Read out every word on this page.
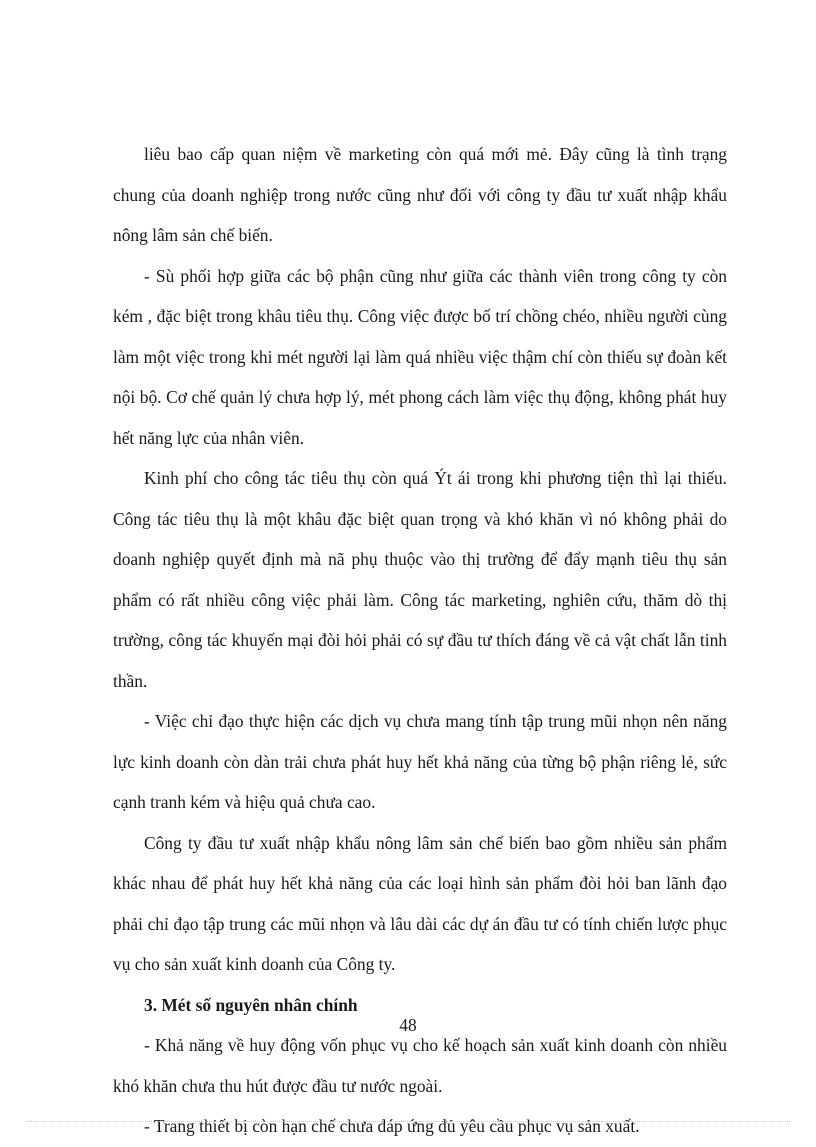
liêu bao cấp quan niệm về marketing còn quá mới mẻ. Đây cũng là tình trạng chung của doanh nghiệp trong nước cũng như đối với công ty đầu tư xuất nhập khẩu nông lâm sản chế biến.

- Sù phối hợp giữa các bộ phận cũng như giữa các thành viên trong công ty còn kém , đặc biệt trong khâu tiêu thụ. Công việc được bố trí chồng chéo, nhiều người cùng làm một việc trong khi mét người lại làm quá nhiều việc thậm chí còn thiếu sự đoàn kết nội bộ. Cơ chế quản lý chưa hợp lý, mét phong cách làm việc thụ động, không phát huy hết năng lực của nhân viên.

Kinh phí cho công tác tiêu thụ còn quá Ýt ái trong khi phương tiện thì lại thiếu. Công tác tiêu thụ là một khâu đặc biệt quan trọng và khó khăn vì nó không phải do doanh nghiệp quyết định mà nã phụ thuộc vào thị trường để đẩy mạnh tiêu thụ sản phẩm có rất nhiều công việc phải làm. Công tác marketing, nghiên cứu, thăm dò thị trường, công tác khuyến mại đòi hỏi phải có sự đầu tư thích đáng về cả vật chất lẫn tinh thần.

- Việc chỉ đạo thực hiện các dịch vụ chưa mang tính tập trung mũi nhọn nên năng lực kinh doanh còn dàn trải chưa phát huy hết khả năng của từng bộ phận riêng lẻ, sức cạnh tranh kém và hiệu quả chưa cao.

Công ty đầu tư xuất nhập khẩu nông lâm sản chế biến bao gồm nhiều sản phẩm khác nhau để phát huy hết khả năng của các loại hình sản phẩm đòi hỏi ban lãnh đạo phải chỉ đạo tập trung các mũi nhọn và lâu dài các dự án đầu tư có tính chiến lược phục vụ cho sản xuất kinh doanh của Công ty.

3. Mét số nguyên nhân chính

- Khả năng về huy động vốn phục vụ cho kế hoạch sản xuất kinh doanh còn nhiều khó khăn chưa thu hút được đầu tư nước ngoài.

- Trang thiết bị còn hạn chế chưa đáp ứng đủ yêu cầu phục vụ sản xuất.

48
